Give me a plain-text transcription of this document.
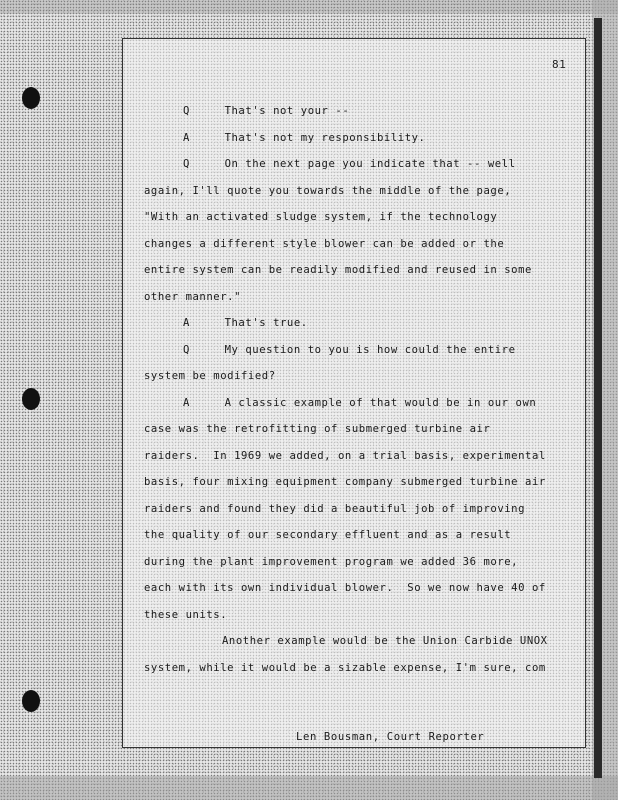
81
Q     That's not your --
A     That's not my responsibility.
Q     On the next page you indicate that -- well
again, I'll quote you towards the middle of the page,
"With an activated sludge system, if the technology
changes a different style blower can be added or the
entire system can be readily modified and reused in some
other manner."
A     That's true.
Q     My question to you is how could the entire
system be modified?
A     A classic example of that would be in our own
case was the retrofitting of submerged turbine air
raiders.  In 1969 we added, on a trial basis, experimental
basis, four mixing equipment company submerged turbine air
raiders and found they did a beautiful job of improving
the quality of our secondary effluent and as a result
during the plant improvement program we added 36 more,
each with its own individual blower.  So we now have 40 of
these units.
Another example would be the Union Carbide UNOX
system, while it would be a sizable expense, I'm sure, com
Len Bousman, Court Reporter
